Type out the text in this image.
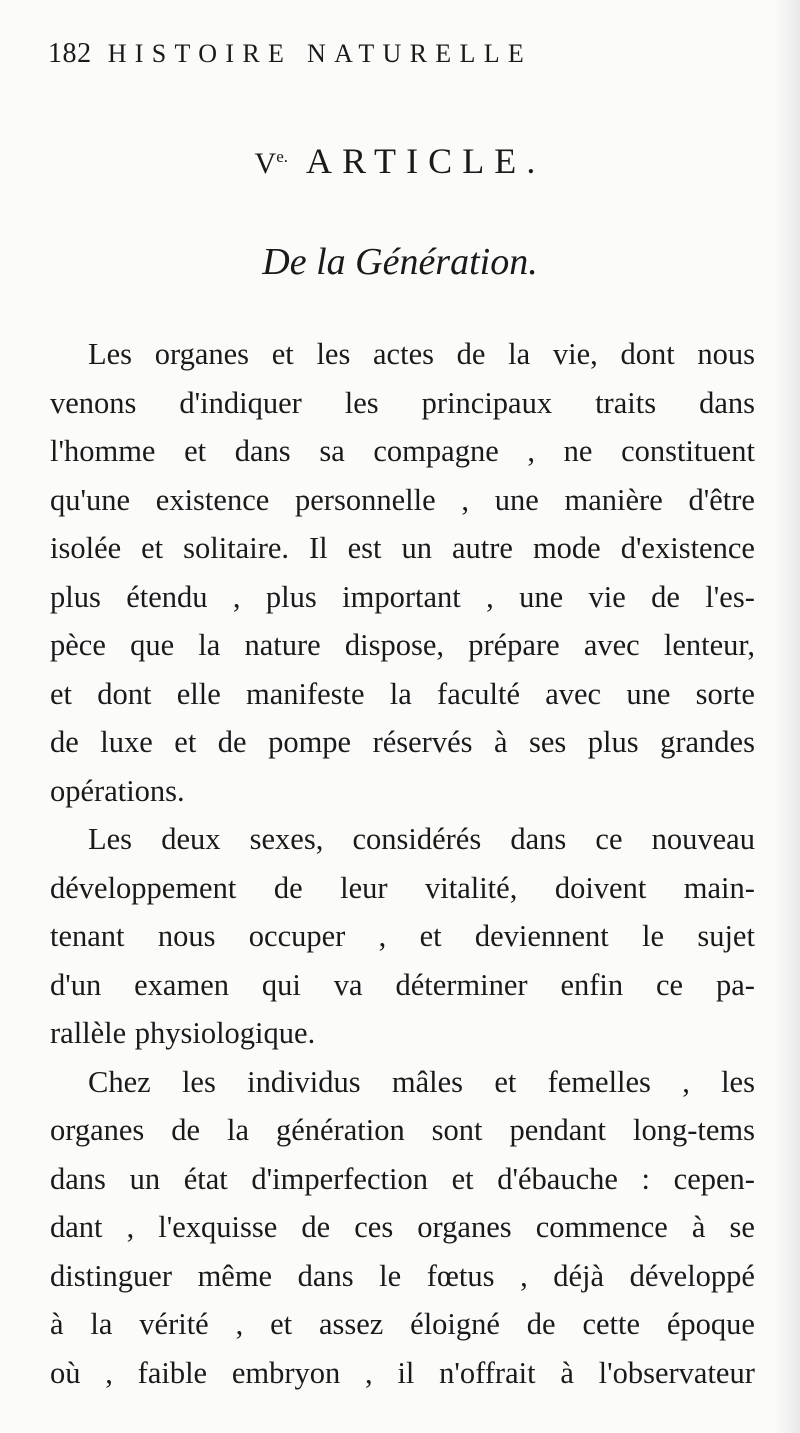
182 HISTOIRE NATURELLE
$V^{e.}$ ARTICLE.
De la Génération.
Les organes et les actes de la vie, dont nous
venons d'indiquer les principaux traits dans
l'homme et dans sa compagne , ne constituent
qu'une existence personnelle , une manière d'être
isolée et solitaire. Il est un autre mode d'existence
plus étendu , plus important , une vie de l'es-
pèce que la nature dispose, prépare avec lenteur,
et dont elle manifeste la faculté avec une sorte
de luxe et de pompe réservés à ses plus grandes
opérations.
Les deux sexes, considérés dans ce nouveau
développement de leur vitalité, doivent main-
tenant nous occuper , et deviennent le sujet
d'un examen qui va déterminer enfin ce pa-
rallèle physiologique.
Chez les individus mâles et femelles , les
organes de la génération sont pendant long-tems
dans un état d'imperfection et d'ébauche : cepen-
dant , l'exquisse de ces organes commence à se
distinguer même dans le fœtus , déjà développé
à la vérité , et assez éloigné de cette époque
où , faible embryon , il n'offrait à l'observateur
